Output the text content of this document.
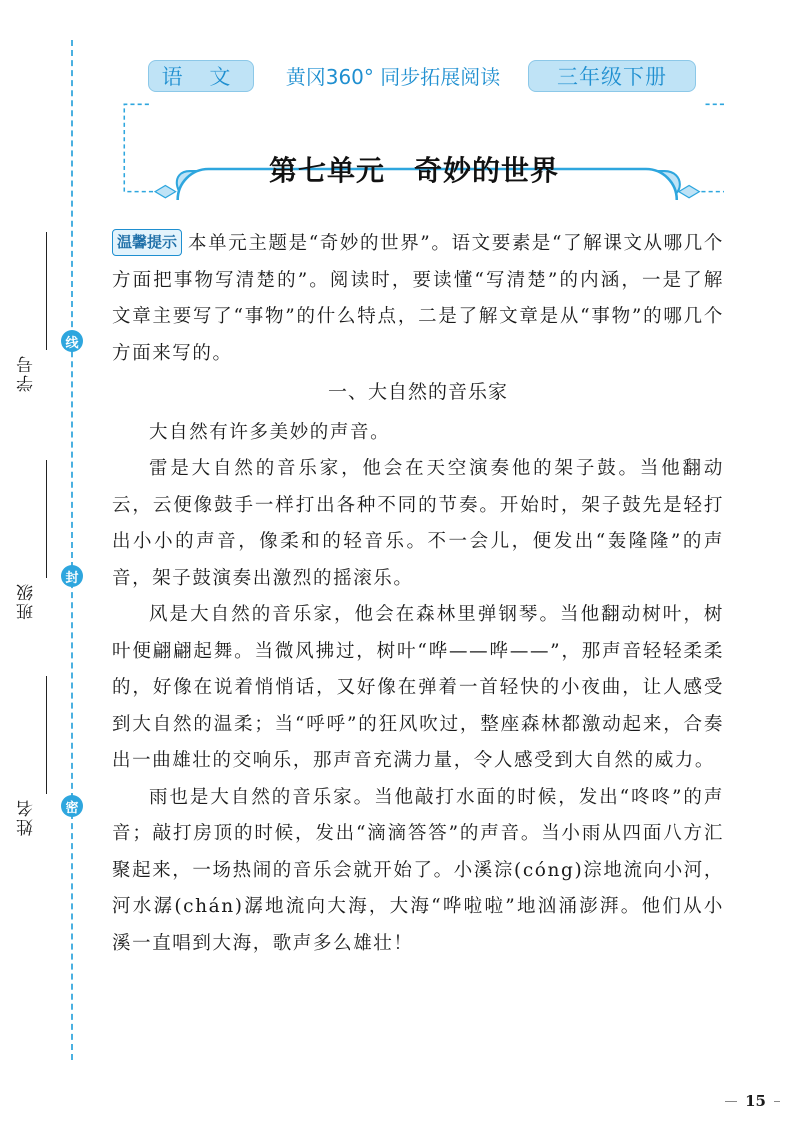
学号
班级
姓名
线
封
密
语 文	黄冈360° 同步拓展阅读	三年级下册
第七单元　奇妙的世界

温馨提示 本单元主题是“奇妙的世界”。语文要素是“了解课文从哪几个方面把事物写清楚的”。阅读时，要读懂“写清楚”的内涵，一是了解文章主要写了“事物”的什么特点，二是了解文章是从“事物”的哪几个方面来写的。

一、大自然的音乐家

大自然有许多美妙的声音。

雷是大自然的音乐家，他会在天空演奏他的架子鼓。当他翻动云，云便像鼓手一样打出各种不同的节奏。开始时，架子鼓先是轻打出小小的声音，像柔和的轻音乐。不一会儿，便发出“轰隆隆”的声音，架子鼓演奏出激烈的摇滚乐。

风是大自然的音乐家，他会在森林里弹钢琴。当他翻动树叶，树叶便翩翩起舞。当微风拂过，树叶“哗——哗——”，那声音轻轻柔柔的，好像在说着悄悄话，又好像在弹着一首轻快的小夜曲，让人感受到大自然的温柔；当“呼呼”的狂风吹过，整座森林都激动起来，合奏出一曲雄壮的交响乐，那声音充满力量，令人感受到大自然的威力。

雨也是大自然的音乐家。当他敲打水面的时候，发出“咚咚”的声音；敲打房顶的时候，发出“滴滴答答”的声音。当小雨从四面八方汇聚起来，一场热闹的音乐会就开始了。小溪淙(cóng)淙地流向小河，河水潺(chán)潺地流向大海，大海“哗啦啦”地汹涌澎湃。他们从小溪一直唱到大海，歌声多么雄壮！

15
